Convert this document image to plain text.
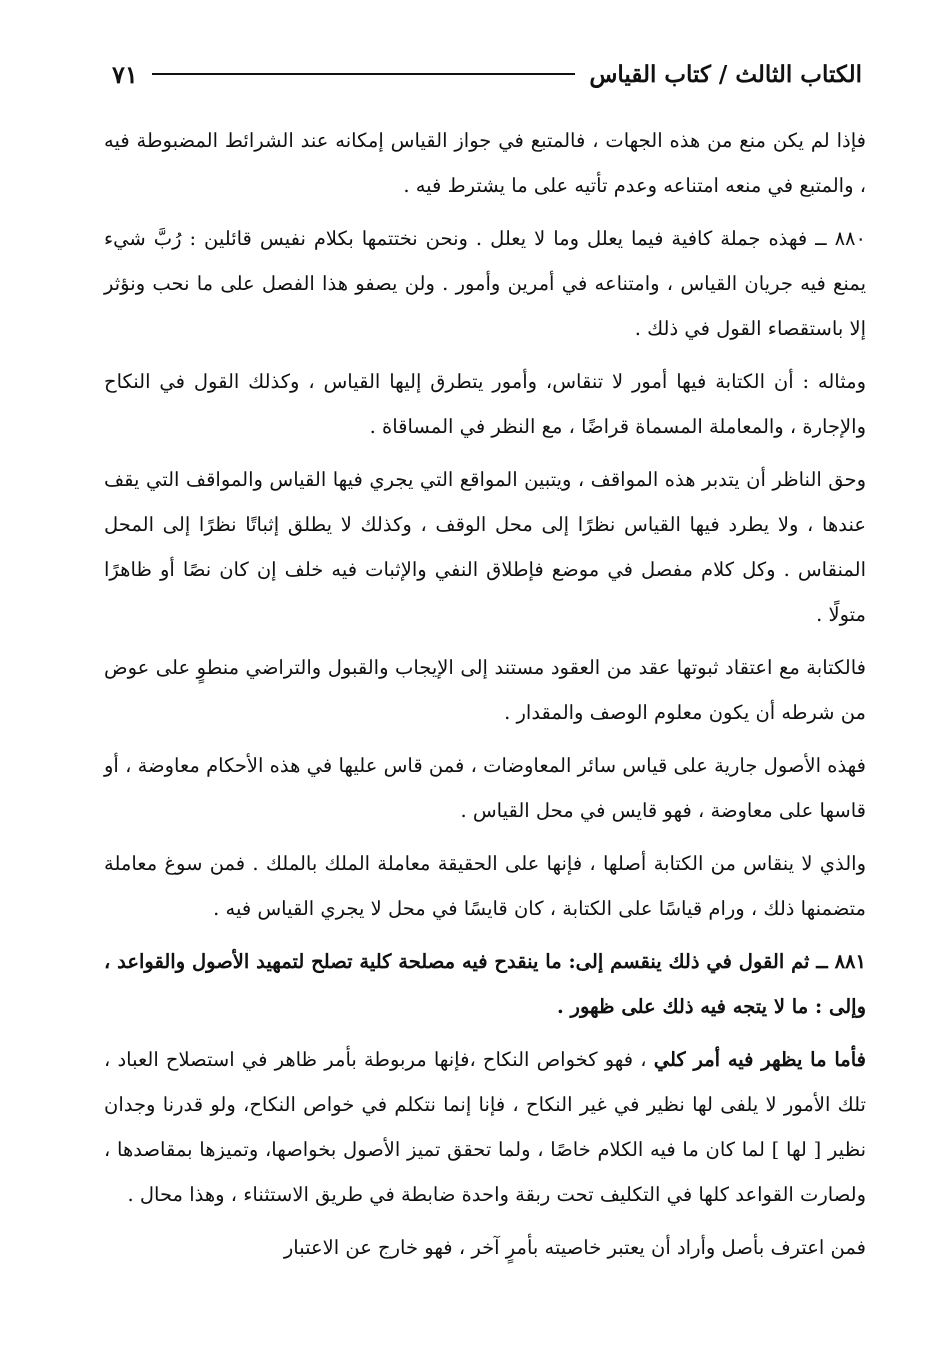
الكتاب الثالث / كتاب القياس
٧١

فإذا لم يكن منع من هذه الجهات ، فالمتبع في جواز القياس إمكانه عند الشرائط المضبوطة فيه ، والمتبع في منعه امتناعه وعدم تأتيه على ما يشترط فيه .

٨٨٠ ــ فهذه جملة كافية فيما يعلل وما لا يعلل . ونحن نختتمها بكلام نفيس قائلين : رُبَّ شيء يمنع فيه جريان القياس ، وامتناعه في أمرين وأمور . ولن يصفو هذا الفصل على ما نحب ونؤثر إلا باستقصاء القول في ذلك .

ومثاله : أن الكتابة فيها أمور لا تنقاس، وأمور يتطرق إليها القياس ، وكذلك القول في النكاح والإجارة ، والمعاملة المسماة قراضًا ، مع النظر في المساقاة .

وحق الناظر أن يتدبر هذه المواقف ، ويتبين المواقع التي يجري فيها القياس والمواقف التي يقف عندها ، ولا يطرد فيها القياس نظرًا إلى محل الوقف ، وكذلك لا يطلق إثباتًا نظرًا إلى المحل المنقاس . وكل كلام مفصل في موضع فإطلاق النفي والإثبات فيه خلف إن كان نصًا أو ظاهرًا متولًا .

فالكتابة مع اعتقاد ثبوتها عقد من العقود مستند إلى الإيجاب والقبول والتراضي منطوٍ على عوض من شرطه أن يكون معلوم الوصف والمقدار .

فهذه الأصول جارية على قياس سائر المعاوضات ، فمن قاس عليها في هذه الأحكام معاوضة ، أو قاسها على معاوضة ، فهو قايس في محل القياس .

والذي لا ينقاس من الكتابة أصلها ، فإنها على الحقيقة معاملة الملك بالملك . فمن سوغ معاملة متضمنها ذلك ، ورام قياسًا على الكتابة ، كان قايسًا في محل لا يجري القياس فيه .

٨٨١ ــ ثم القول في ذلك ينقسم إلى: ما ينقدح فيه مصلحة كلية تصلح لتمهيد الأصول والقواعد ، وإلى : ما لا يتجه فيه ذلك على ظهور .

فأما ما يظهر فيه أمر كلي ، فهو كخواص النكاح ،فإنها مربوطة بأمر ظاهر في استصلاح العباد ، تلك الأمور لا يلفى لها نظير في غير النكاح ، فإنا إنما نتكلم في خواص النكاح، ولو قدرنا وجدان نظير [ لها ] لما كان ما فيه الكلام خاصًا ، ولما تحقق تميز الأصول بخواصها، وتميزها بمقاصدها ، ولصارت القواعد كلها في التكليف تحت ربقة واحدة ضابطة في طريق الاستثناء ، وهذا محال .

فمن اعترف بأصل وأراد أن يعتبر خاصيته بأمرٍ آخر ، فهو خارج عن الاعتبار
